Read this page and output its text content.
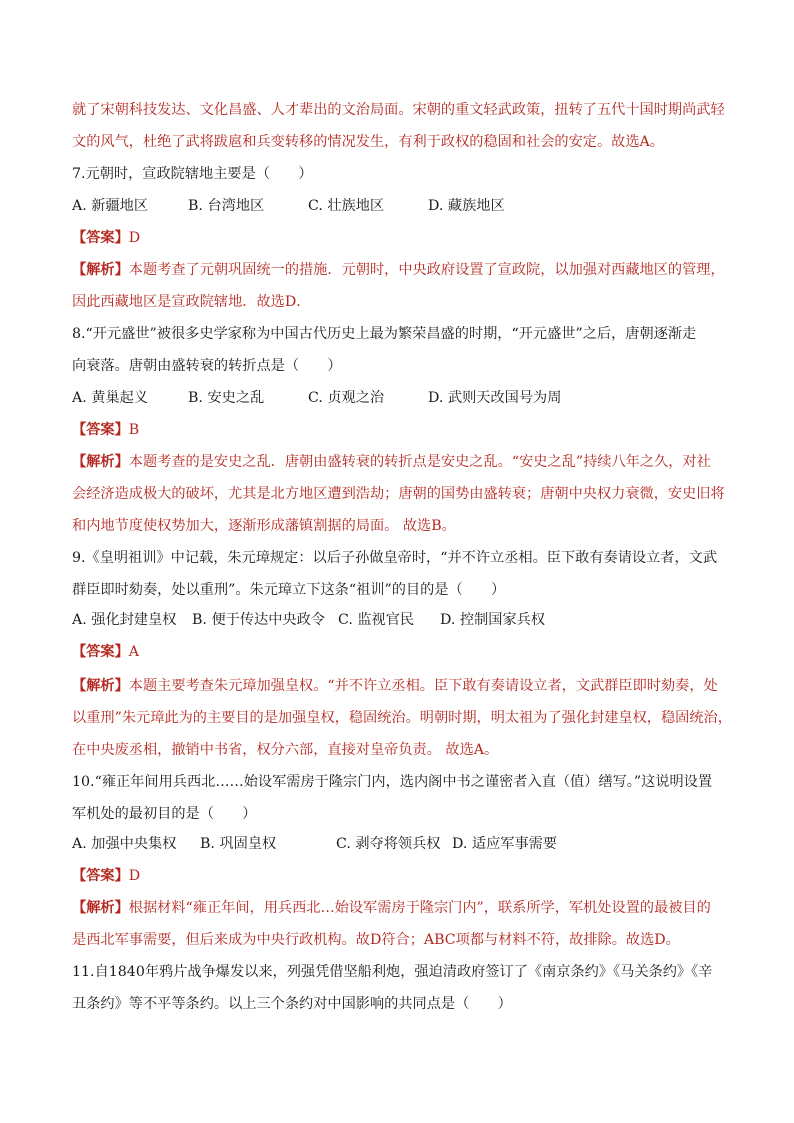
就了宋朝科技发达、文化昌盛、人才辈出的文治局面。宋朝的重文轻武政策，扭转了五代十国时期尚武轻
文的风气，杜绝了武将跋扈和兵变转移的情况发生，有利于政权的稳固和社会的安定。故选A。
7.元朝时，宣政院辖地主要是（　　）
A. 新疆地区	B. 台湾地区	C. 壮族地区	D. 藏族地区
【答案】D
【解析】本题考查了元朝巩固统一的措施．元朝时，中央政府设置了宣政院，以加强对西藏地区的管理，
因此西藏地区是宣政院辖地．故选D．
8.“开元盛世”被很多史学家称为中国古代历史上最为繁荣昌盛的时期，“开元盛世”之后，唐朝逐渐走
向衰落。唐朝由盛转衰的转折点是（　　）
A. 黄巢起义	B. 安史之乱	C. 贞观之治	D. 武则天改国号为周
【答案】B
【解析】本题考查的是安史之乱．唐朝由盛转衰的转折点是安史之乱。“安史之乱”持续八年之久，对社
会经济造成极大的破坏，尤其是北方地区遭到浩劫；唐朝的国势由盛转衰；唐朝中央权力衰微，安史旧将
和内地节度使权势加大，逐渐形成藩镇割据的局面。 故选B。
9.《皇明祖训》中记载，朱元璋规定：以后子孙做皇帝时，“并不许立丞相。臣下敢有奏请设立者，文武
群臣即时劾奏，处以重刑”。朱元璋立下这条“祖训”的目的是（　　）
A. 强化封建皇权 B. 便于传达中央政令 C. 监视官民 D. 控制国家兵权
【答案】A
【解析】本题主要考查朱元璋加强皇权。“并不许立丞相。臣下敢有奏请设立者，文武群臣即时劾奏，处
以重刑”朱元璋此为的主要目的是加强皇权，稳固统治。明朝时期，明太祖为了强化封建皇权，稳固统治，
在中央废丞相，撤销中书省，权分六部，直接对皇帝负责。 故选A。
10.“雍正年间用兵西北……始设军需房于隆宗门内，选内阁中书之谨密者入直（值）缮写。”这说明设置
军机处的最初目的是（　　）
A. 加强中央集权 B. 巩固皇权	C. 剥夺将领兵权 D. 适应军事需要
【答案】D
【解析】根据材料“雍正年间，用兵西北…始设军需房于隆宗门内”，联系所学，军机处设置的最被目的
是西北军事需要，但后来成为中央行政机构。故D符合；ABC项都与材料不符，故排除。故选D。
11.自1840年鸦片战争爆发以来，列强凭借坚船利炮，强迫清政府签订了《南京条约》《马关条约》《辛
丑条约》等不平等条约。以上三个条约对中国影响的共同点是（　　）
